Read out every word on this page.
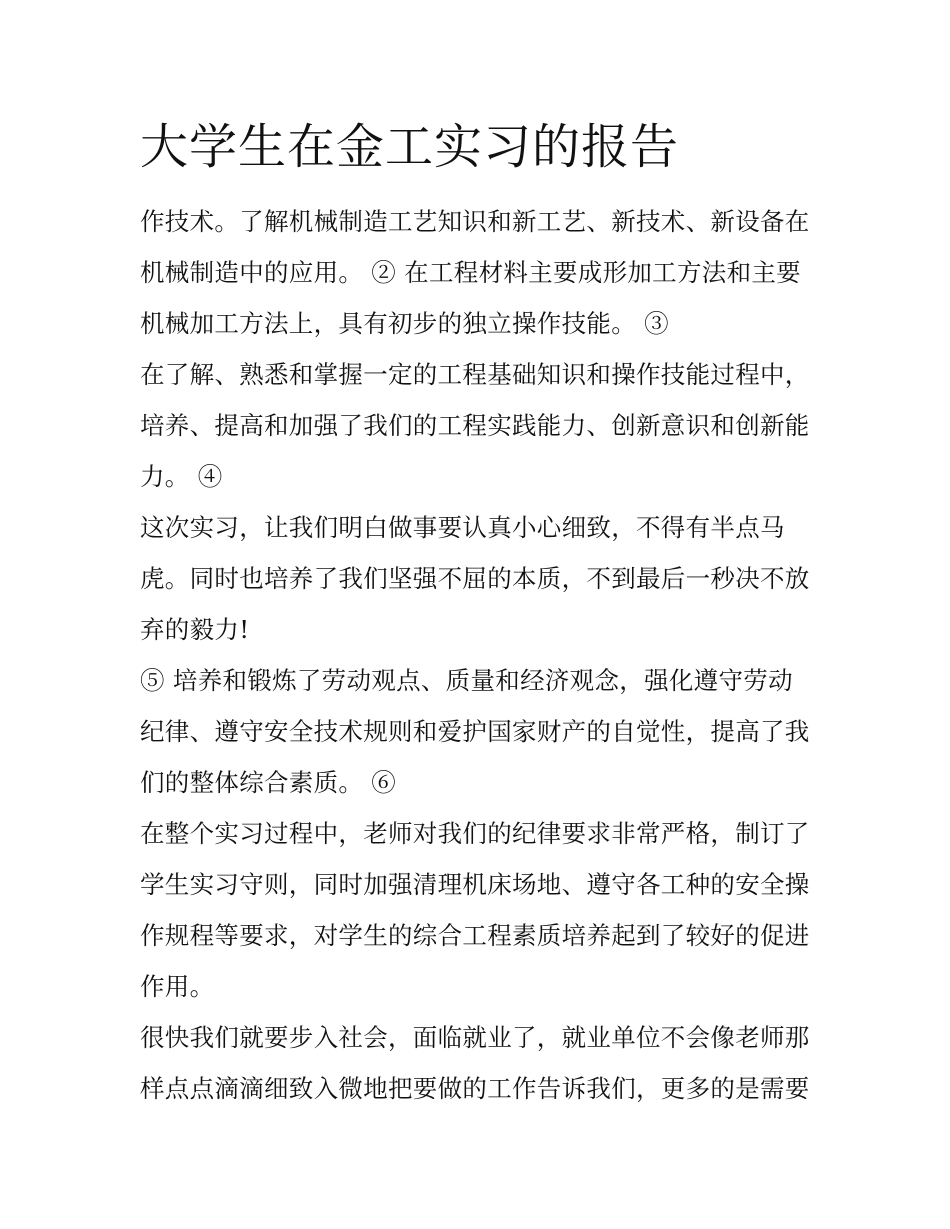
大学生在金工实习的报告
作技术。了解机械制造工艺知识和新工艺、新技术、新设备在
机械制造中的应用。 ② 在工程材料主要成形加工方法和主要
机械加工方法上，具有初步的独立操作技能。 ③
在了解、熟悉和掌握一定的工程基础知识和操作技能过程中，
培养、提高和加强了我们的工程实践能力、创新意识和创新能
力。 ④
这次实习，让我们明白做事要认真小心细致，不得有半点马
虎。同时也培养了我们坚强不屈的本质，不到最后一秒决不放
弃的毅力!
⑤ 培养和锻炼了劳动观点、质量和经济观念，强化遵守劳动
纪律、遵守安全技术规则和爱护国家财产的自觉性，提高了我
们的整体综合素质。 ⑥
在整个实习过程中，老师对我们的纪律要求非常严格，制订了
学生实习守则，同时加强清理机床场地、遵守各工种的安全操
作规程等要求，对学生的综合工程素质培养起到了较好的促进
作用。
很快我们就要步入社会，面临就业了，就业单位不会像老师那
样点点滴滴细致入微地把要做的工作告诉我们，更多的是需要
